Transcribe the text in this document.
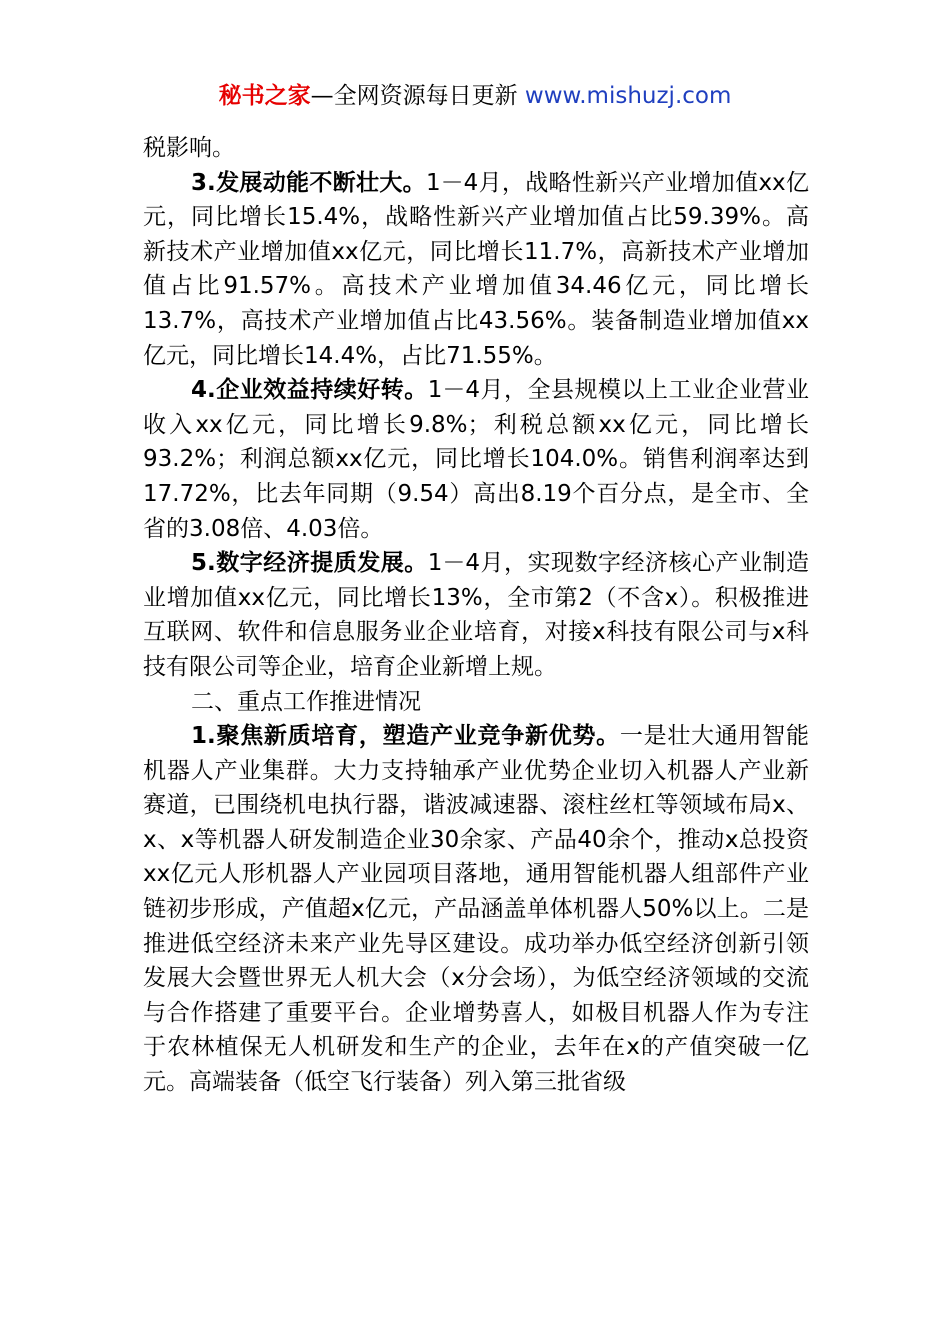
秘书之家—全网资源每日更新 www.mishuzj.com

税影响。

3.发展动能不断壮大。1－4月，战略性新兴产业增加值xx亿元，同比增长15.4%，战略性新兴产业增加值占比59.39%。高新技术产业增加值xx亿元，同比增长11.7%，高新技术产业增加值占比91.57%。高技术产业增加值34.46亿元，同比增长13.7%，高技术产业增加值占比43.56%。装备制造业增加值xx亿元，同比增长14.4%，占比71.55%。

4.企业效益持续好转。1－4月，全县规模以上工业企业营业收入xx亿元，同比增长9.8%；利税总额xx亿元，同比增长93.2%；利润总额xx亿元，同比增长104.0%。销售利润率达到17.72%，比去年同期（9.54）高出8.19个百分点，是全市、全省的3.08倍、4.03倍。

5.数字经济提质发展。1－4月，实现数字经济核心产业制造业增加值xx亿元，同比增长13%，全市第2（不含x）。积极推进互联网、软件和信息服务业企业培育，对接x科技有限公司与x科技有限公司等企业，培育企业新增上规。

二、重点工作推进情况

1.聚焦新质培育，塑造产业竞争新优势。一是壮大通用智能机器人产业集群。大力支持轴承产业优势企业切入机器人产业新赛道，已围绕机电执行器，谐波减速器、滚柱丝杠等领域布局x、x、x等机器人研发制造企业30余家、产品40余个，推动x总投资xx亿元人形机器人产业园项目落地，通用智能机器人组部件产业链初步形成，产值超x亿元，产品涵盖单体机器人50%以上。二是推进低空经济未来产业先导区建设。成功举办低空经济创新引领发展大会暨世界无人机大会（x分会场），为低空经济领域的交流与合作搭建了重要平台。企业增势喜人，如极目机器人作为专注于农林植保无人机研发和生产的企业，去年在x的产值突破一亿元。高端装备（低空飞行装备）列入第三批省级
